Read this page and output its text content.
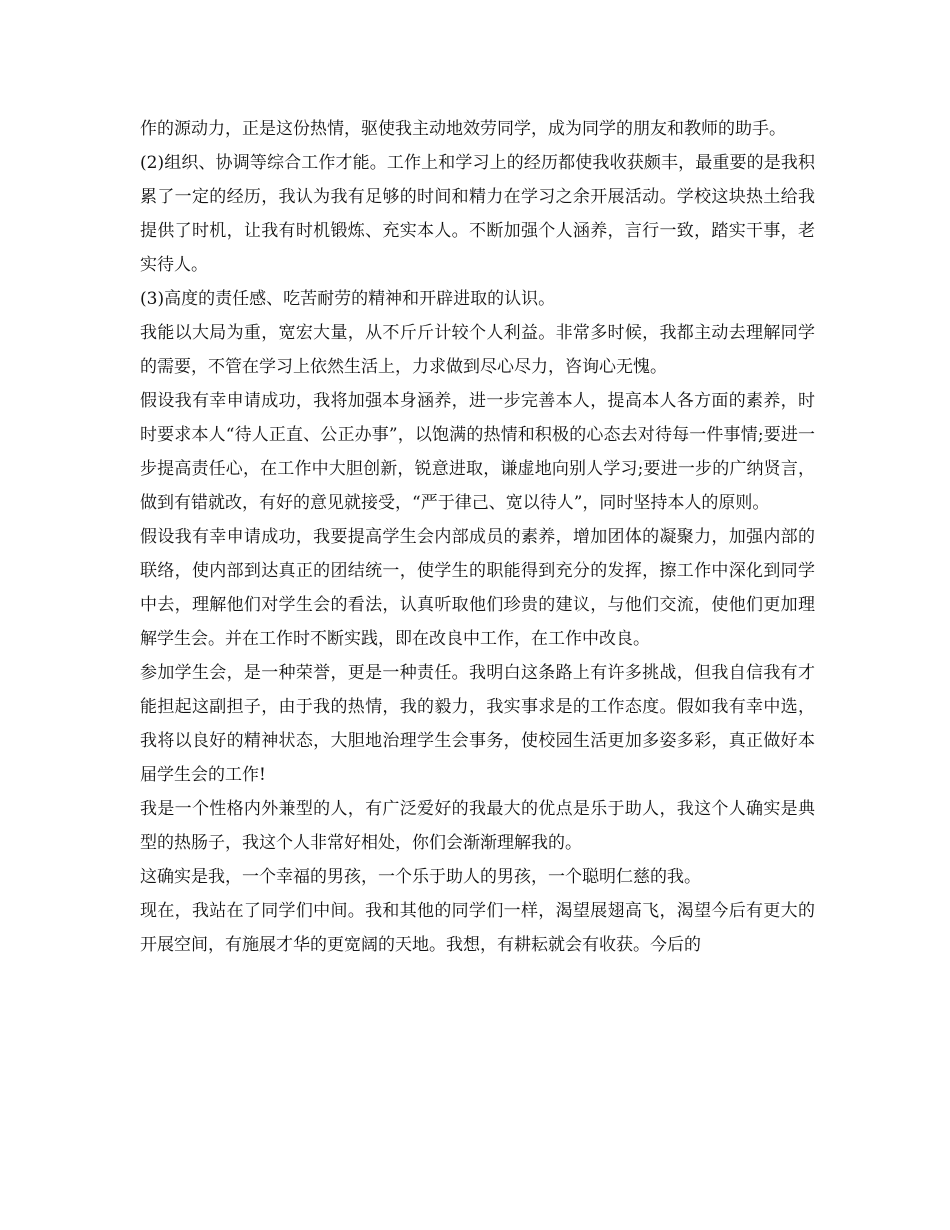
作的源动力，正是这份热情，驱使我主动地效劳同学，成为同学的朋友和教师的助手。

(2)组织、协调等综合工作才能。工作上和学习上的经历都使我收获颇丰，最重要的是我积累了一定的经历，我认为我有足够的时间和精力在学习之余开展活动。学校这块热土给我提供了时机，让我有时机锻炼、充实本人。不断加强个人涵养，言行一致，踏实干事，老实待人。

(3)高度的责任感、吃苦耐劳的精神和开辟进取的认识。

我能以大局为重，宽宏大量，从不斤斤计较个人利益。非常多时候，我都主动去理解同学的需要，不管在学习上依然生活上，力求做到尽心尽力，咨询心无愧。

假设我有幸申请成功，我将加强本身涵养，进一步完善本人，提高本人各方面的素养，时时要求本人“待人正直、公正办事”，以饱满的热情和积极的心态去对待每一件事情;要进一步提高责任心，在工作中大胆创新，锐意进取，谦虚地向别人学习;要进一步的广纳贤言，做到有错就改，有好的意见就接受，“严于律己、宽以待人”，同时坚持本人的原则。

假设我有幸申请成功，我要提高学生会内部成员的素养，增加团体的凝聚力，加强内部的联络，使内部到达真正的团结统一，使学生的职能得到充分的发挥，擦工作中深化到同学中去，理解他们对学生会的看法，认真听取他们珍贵的建议，与他们交流，使他们更加理解学生会。并在工作时不断实践，即在改良中工作，在工作中改良。

参加学生会，是一种荣誉，更是一种责任。我明白这条路上有许多挑战，但我自信我有才能担起这副担子，由于我的热情，我的毅力，我实事求是的工作态度。假如我有幸中选，我将以良好的精神状态，大胆地治理学生会事务，使校园生活更加多姿多彩，真正做好本届学生会的工作!

我是一个性格内外兼型的人，有广泛爱好的我最大的优点是乐于助人，我这个人确实是典型的热肠子，我这个人非常好相处，你们会渐渐理解我的。

这确实是我，一个幸福的男孩，一个乐于助人的男孩，一个聪明仁慈的我。

现在，我站在了同学们中间。我和其他的同学们一样，渴望展翅高飞，渴望今后有更大的开展空间，有施展才华的更宽阔的天地。我想，有耕耘就会有收获。今后的
